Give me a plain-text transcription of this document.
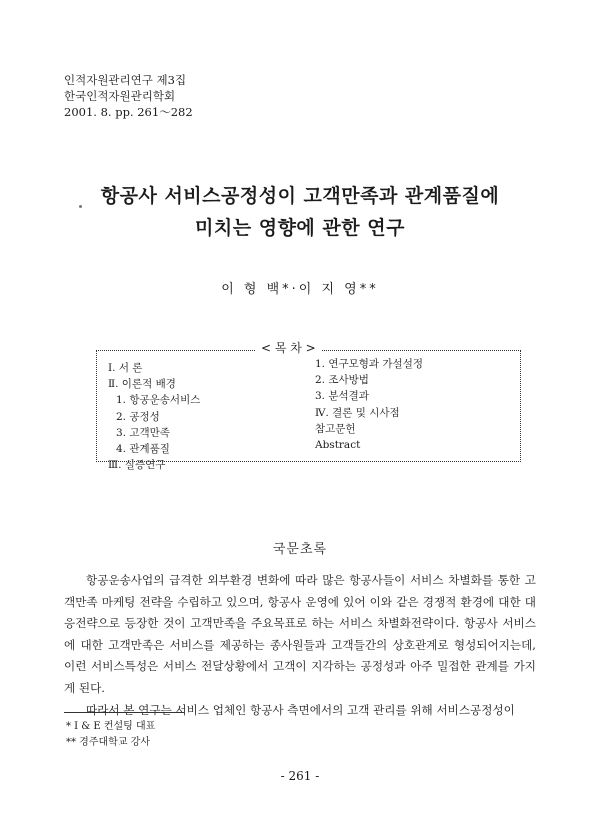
인적자원관리연구 제3집
한국인적자원관리학회
2001. 8. pp. 261～282
항공사 서비스공정성이 고객만족과 관계품질에
미치는 영향에 관한 연구
이 형 백*·이 지 영**
< 목 차 >
Ⅰ. 서 론
Ⅱ. 이론적 배경
1. 항공운송서비스
2. 공정성
3. 고객만족
4. 관계품질
Ⅲ. 실증연구
1. 연구모형과 가설설정
2. 조사방법
3. 분석결과
Ⅳ. 결론 및 시사점
참고문헌
Abstract
국문초록

항공운송사업의 급격한 외부환경 변화에 따라 많은 항공사들이 서비스 차별화를 통한 고객만족 마케팅 전략을 수립하고 있으며, 항공사 운영에 있어 이와 같은 경쟁적 환경에 대한 대응전략으로 등장한 것이 고객만족을 주요목표로 하는 서비스 차별화전략이다. 항공사 서비스에 대한 고객만족은 서비스를 제공하는 종사원들과 고객들간의 상호관계로 형성되어지는데, 이런 서비스특성은 서비스 전달상황에서 고객이 지각하는 공정성과 아주 밀접한 관계를 가지게 된다.

따라서 본 연구는 서비스 업체인 항공사 측면에서의 고객 관리를 위해 서비스공정성이

* I & E 컨설팅 대표
** 경주대학교 강사
- 261 -
